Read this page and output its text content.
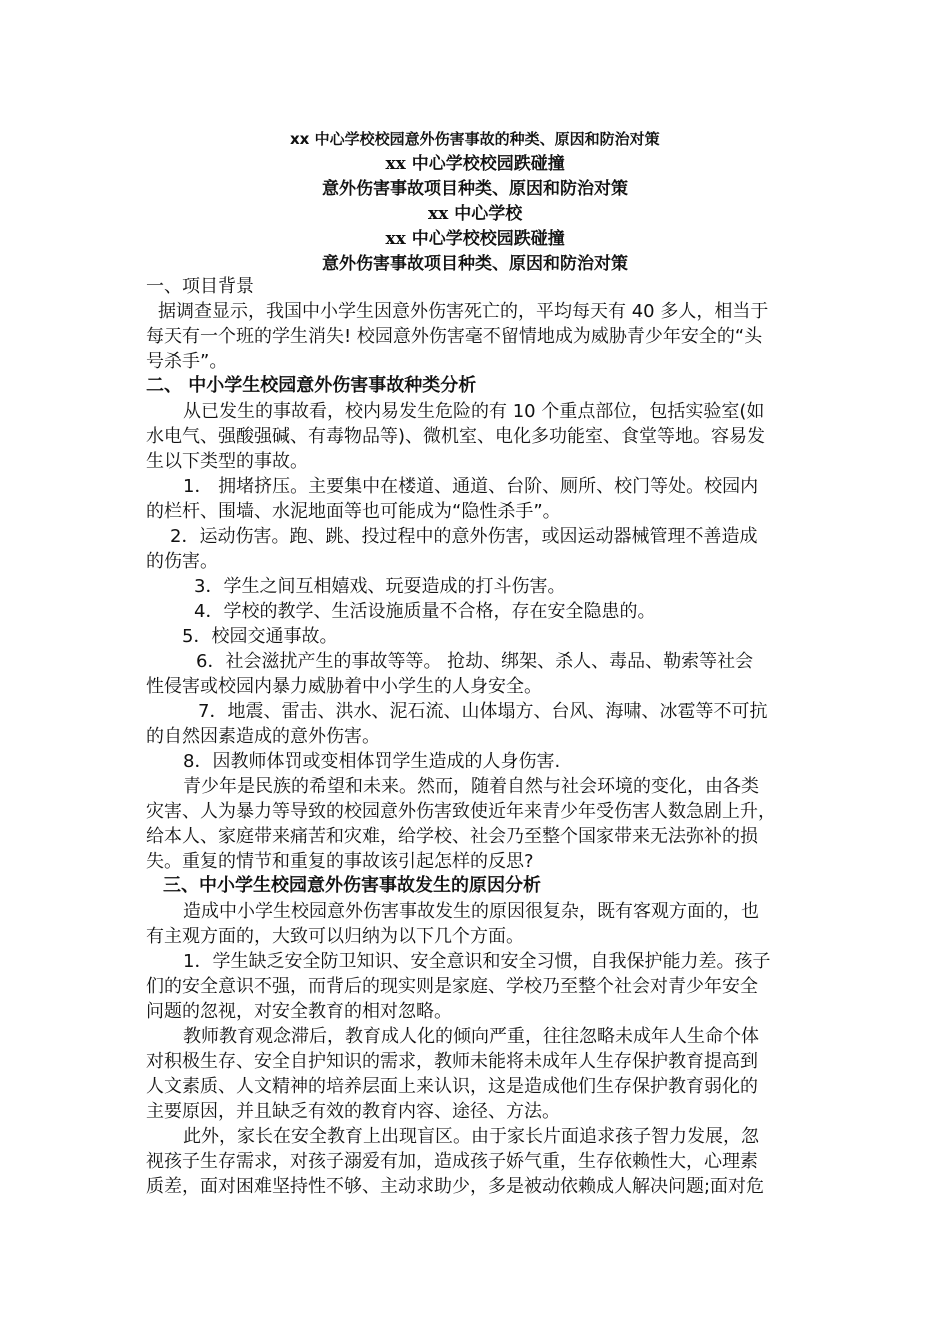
xx 中心学校校园意外伤害事故的种类、原因和防治对策
xx 中心学校校园跌碰撞
意外伤害事故项目种类、原因和防治对策
xx 中心学校
xx 中心学校校园跌碰撞
意外伤害事故项目种类、原因和防治对策
一、项目背景
据调查显示，我国中小学生因意外伤害死亡的，平均每天有 40 多人，相当于
每天有一个班的学生消失! 校园意外伤害毫不留情地成为威胁青少年安全的“头
号杀手”。
二、 中小学生校园意外伤害事故种类分析
从已发生的事故看，校内易发生危险的有 10 个重点部位，包括实验室(如
水电气、强酸强碱、有毒物品等)、微机室、电化多功能室、食堂等地。容易发
生以下类型的事故。
1． 拥堵挤压。主要集中在楼道、通道、台阶、厕所、校门等处。校园内
的栏杆、围墙、水泥地面等也可能成为“隐性杀手”。
2．运动伤害。跑、跳、投过程中的意外伤害，或因运动器械管理不善造成
的伤害。
3．学生之间互相嬉戏、玩耍造成的打斗伤害。
4．学校的教学、生活设施质量不合格，存在安全隐患的。
5．校园交通事故。
6．社会滋扰产生的事故等等。 抢劫、绑架、杀人、毒品、勒索等社会
性侵害或校园内暴力威胁着中小学生的人身安全。
7．地震、雷击、洪水、泥石流、山体塌方、台风、海啸、冰雹等不可抗
的自然因素造成的意外伤害。
8．因教师体罚或变相体罚学生造成的人身伤害.
青少年是民族的希望和未来。然而，随着自然与社会环境的变化，由各类
灾害、人为暴力等导致的校园意外伤害致使近年来青少年受伤害人数急剧上升，
给本人、家庭带来痛苦和灾难，给学校、社会乃至整个国家带来无法弥补的损
失。重复的情节和重复的事故该引起怎样的反思?
三、中小学生校园意外伤害事故发生的原因分析
造成中小学生校园意外伤害事故发生的原因很复杂，既有客观方面的，也
有主观方面的，大致可以归纳为以下几个方面。
1．学生缺乏安全防卫知识、安全意识和安全习惯，自我保护能力差。孩子
们的安全意识不强，而背后的现实则是家庭、学校乃至整个社会对青少年安全
问题的忽视，对安全教育的相对忽略。
教师教育观念滞后，教育成人化的倾向严重，往往忽略未成年人生命个体
对积极生存、安全自护知识的需求，教师未能将未成年人生存保护教育提高到
人文素质、人文精神的培养层面上来认识，这是造成他们生存保护教育弱化的
主要原因，并且缺乏有效的教育内容、途径、方法。
此外，家长在安全教育上出现盲区。由于家长片面追求孩子智力发展，忽
视孩子生存需求，对孩子溺爱有加，造成孩子娇气重，生存依赖性大，心理素
质差，面对困难坚持性不够、主动求助少，多是被动依赖成人解决问题;面对危
